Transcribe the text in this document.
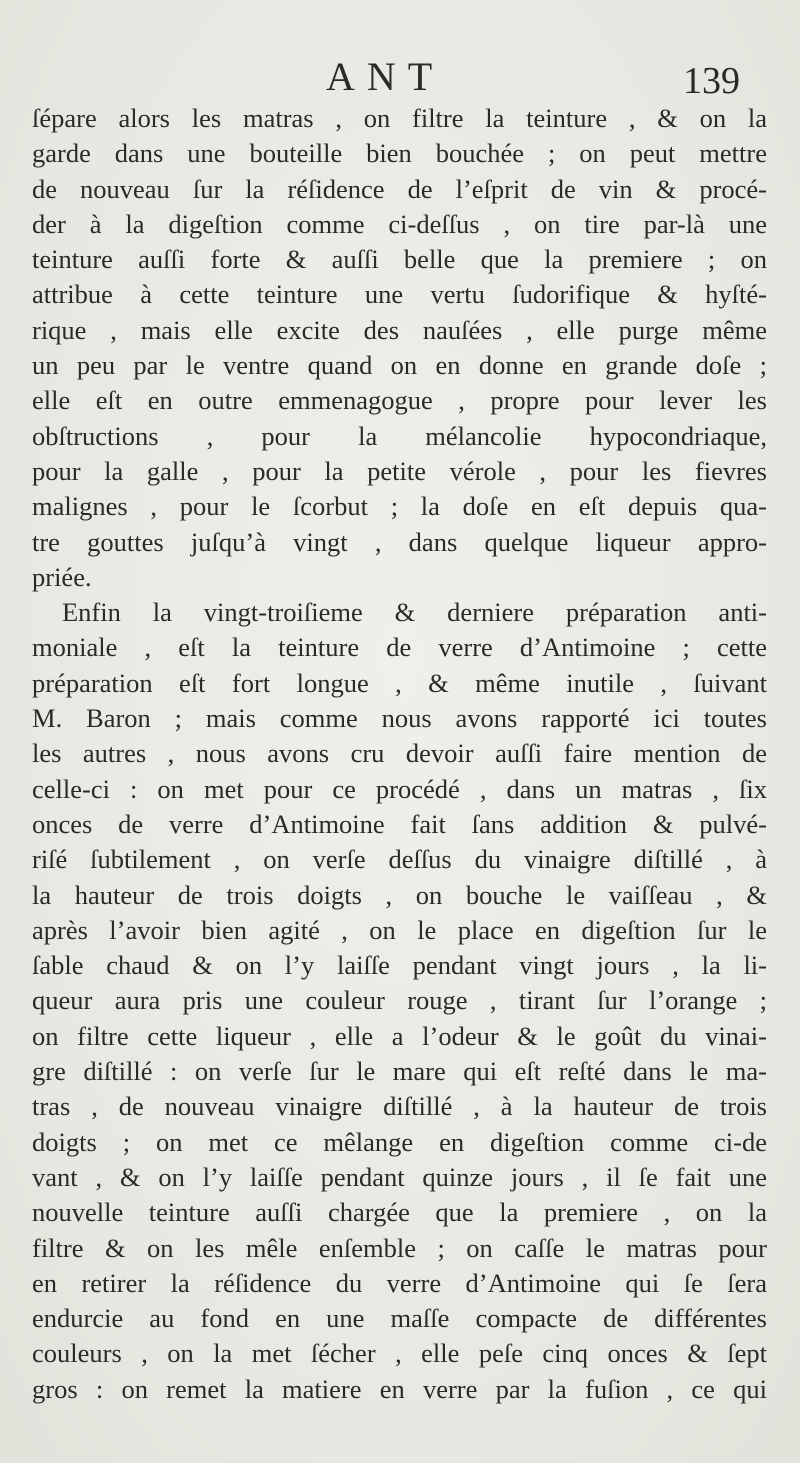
ANT	139
ſépare alors les matras , on filtre la teinture , & on la
garde dans une bouteille bien bouchée ; on peut mettre
de nouveau ſur la réſidence de l’eſprit de vin & procé-
der à la digeſtion comme ci-deſſus , on tire par-là une
teinture auſſi forte & auſſi belle que la premiere ; on
attribue à cette teinture une vertu ſudorifique & hyſté-
rique , mais elle excite des nauſées , elle purge même
un peu par le ventre quand on en donne en grande doſe ;
elle eſt en outre emmenagogue , propre pour lever les
obſtructions , pour la mélancolie hypocondriaque,
pour la galle , pour la petite vérole , pour les fievres
malignes , pour le ſcorbut ; la doſe en eſt depuis qua-
tre gouttes juſqu’à vingt , dans quelque liqueur appro-
priée.
Enfin la vingt-troiſieme & derniere préparation anti-
moniale , eſt la teinture de verre d’Antimoine ; cette
préparation eſt fort longue , & même inutile , ſuivant
M. Baron ; mais comme nous avons rapporté ici toutes
les autres , nous avons cru devoir auſſi faire mention de
celle-ci : on met pour ce procédé , dans un matras , ſix
onces de verre d’Antimoine fait ſans addition & pulvé-
riſé ſubtilement , on verſe deſſus du vinaigre diſtillé , à
la hauteur de trois doigts , on bouche le vaiſſeau , &
après l’avoir bien agité , on le place en digeſtion ſur le
ſable chaud & on l’y laiſſe pendant vingt jours , la li-
queur aura pris une couleur rouge , tirant ſur l’orange ;
on filtre cette liqueur , elle a l’odeur & le goût du vinai-
gre diſtillé : on verſe ſur le mare qui eſt reſté dans le ma-
tras , de nouveau vinaigre diſtillé , à la hauteur de trois
doigts ; on met ce mêlange en digeſtion comme ci-de
vant , & on l’y laiſſe pendant quinze jours , il ſe fait une
nouvelle teinture auſſi chargée que la premiere , on la
filtre & on les mêle enſemble ; on caſſe le matras pour
en retirer la réſidence du verre d’Antimoine qui ſe ſera
endurcie au fond en une maſſe compacte de différentes
couleurs , on la met ſécher , elle peſe cinq onces & ſept
gros : on remet la matiere en verre par la fuſion , ce qui
